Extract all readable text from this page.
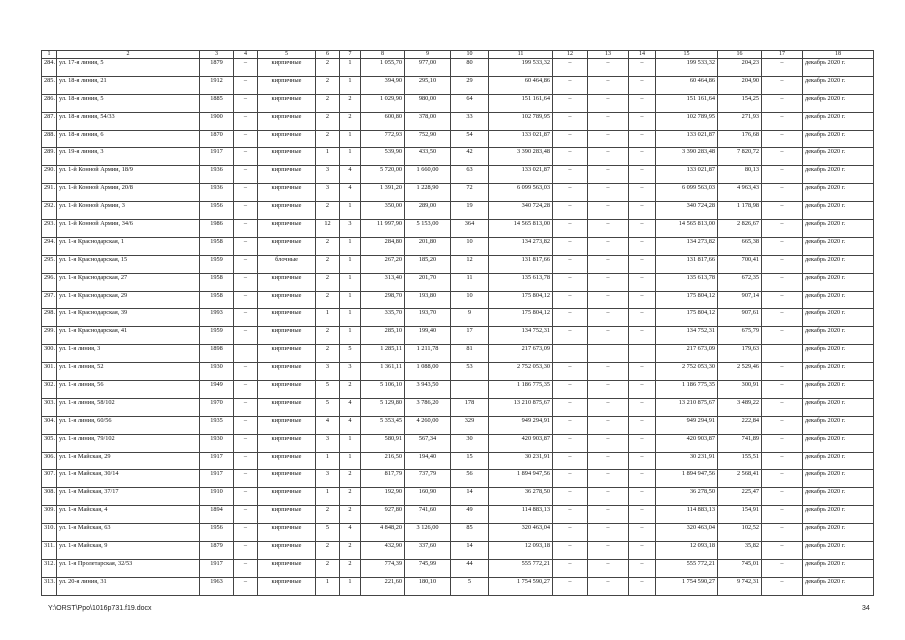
1	2	3	4	5	6	7	8	9	10	11	12	13	14	15	16	17	18
284.	ул. 17-я линия, 5	1879	–	кирпичные	2	1	1 055,70	977,00	80	199 533,32	–	–	–	199 533,32	204,23	–	декабрь 2020 г.
285.	ул. 18-я линия, 21	1912	–	кирпичные	2	1	394,90	295,10	29	60 464,86	–	–	–	60 464,86	204,90	–	декабрь 2020 г.
286.	ул. 18-я линия, 5	1885	–	кирпичные	2	2	1 029,90	980,00	64	151 161,64	–	–	–	151 161,64	154,25	–	декабрь 2020 г.
287.	ул. 18-я линия, 54/33	1900	–	кирпичные	2	2	600,80	378,00	33	102 789,95	–	–	–	102 789,95	271,93	–	декабрь 2020 г.
288.	ул. 18-я линия, 6	1870	–	кирпичные	2	1	772,93	752,90	54	133 021,87	–	–	–	133 021,87	176,68	–	декабрь 2020 г.
289.	ул. 19-я линия, 3	1917	–	кирпичные	1	1	539,90	433,50	42	3 390 283,48	–	–	–	3 390 283,48	7 820,72	–	декабрь 2020 г.
290.	ул. 1-й Конной Армии, 18/9	1936	–	кирпичные	3	4	5 720,00	1 660,00	63	133 021,87	–	–	–	133 021,87	80,13	–	декабрь 2020 г.
291.	ул. 1-й Конной Армии, 20/8	1936	–	кирпичные	3	4	1 391,20	1 228,90	72	6 099 563,03	–	–	–	6 099 563,03	4 963,43	–	декабрь 2020 г.
292.	ул. 1-й Конной Армии, 3	1956	–	кирпичные	2	1	350,00	289,00	19	340 724,28	–	–	–	340 724,28	1 178,98	–	декабрь 2020 г.
293.	ул. 1-й Конной Армии, 34/6	1986	–	кирпичные	12	3	11 997,90	5 153,00	364	14 565 813,00	–	–	–	14 565 813,00	2 826,67	–	декабрь 2020 г.
294.	ул. 1-я Краснодарская, 1	1958	–	кирпичные	2	1	284,80	201,80	10	134 273,82	–	–	–	134 273,82	665,38	–	декабрь 2020 г.
295.	ул. 1-я Краснодарская, 15	1959	–	блочные	2	1	267,20	185,20	12	131 817,66	–	–	–	131 817,66	700,41	–	декабрь 2020 г.
296.	ул. 1-я Краснодарская, 27	1958	–	кирпичные	2	1	313,40	201,70	11	135 613,78	–	–	–	135 613,78	672,35	–	декабрь 2020 г.
297.	ул. 1-я Краснодарская, 29	1958	–	кирпичные	2	1	298,70	193,80	10	175 804,12	–	–	–	175 804,12	907,14	–	декабрь 2020 г.
298.	ул. 1-я Краснодарская, 39	1993	–	кирпичные	1	1	335,70	193,70	9	175 804,12	–	–	–	175 804,12	907,61	–	декабрь 2020 г.
299.	ул. 1-я Краснодарская, 41	1959	–	кирпичные	2	1	285,10	199,40	17	134 752,31	–	–	–	134 752,31	675,79	–	декабрь 2020 г.
300.	ул. 1-я линия, 3	1898		кирпичные	2	5	1 285,11	1 211,78	81	217 673,09				217 673,09	179,63		декабрь 2020 г.
301.	ул. 1-я линия, 52	1930	–	кирпичные	3	3	1 361,11	1 088,00	53	2 752 053,30	–	–	–	2 752 053,30	2 529,46	–	декабрь 2020 г.
302.	ул. 1-я линия, 56	1949	–	кирпичные	5	2	5 106,10	3 943,50		1 186 775,35	–	–	–	1 186 775,35	300,91	–	декабрь 2020 г.
303.	ул. 1-я линия, 58/102	1970	–	кирпичные	5	4	5 129,80	3 786,20	178	13 210 875,67	–	–	–	13 210 875,67	3 489,22	–	декабрь 2020 г.
304.	ул. 1-я линия, 60/56	1935	–	кирпичные	4	4	5 353,45	4 260,00	329	949 294,91	–	–	–	949 294,91	222,84	–	декабрь 2020 г.
305.	ул. 1-я линия, 79/102	1930	–	кирпичные	3	1	580,91	567,34	30	420 903,87	–	–	–	420 903,87	741,89	–	декабрь 2020 г.
306.	ул. 1-я Майская, 29	1917	–	кирпичные	1	1	216,50	194,40	15	30 231,91	–	–	–	30 231,91	155,51	–	декабрь 2020 г.
307.	ул. 1-я Майская, 30/14	1917	–	кирпичные	3	2	817,79	737,79	56	1 894 947,56	–	–	–	1 894 947,56	2 568,41	–	декабрь 2020 г.
308.	ул. 1-я Майская, 37/17	1910	–	кирпичные	1	2	192,90	160,90	14	36 278,50	–	–	–	36 278,50	225,47	–	декабрь 2020 г.
309.	ул. 1-я Майская, 4	1894	–	кирпичные	2	2	927,80	741,60	49	114 883,13	–	–	–	114 883,13	154,91	–	декабрь 2020 г.
310.	ул. 1-я Майская, 63	1956	–	кирпичные	5	4	4 848,20	3 126,00	85	320 463,04	–	–	–	320 463,04	102,52	–	декабрь 2020 г.
311.	ул. 1-я Майская, 9	1879	–	кирпичные	2	2	432,90	337,60	14	12 093,18	–	–	–	12 093,18	35,82	–	декабрь 2020 г.
312.	ул. 1-я Пролетарская, 32/53	1917	–	кирпичные	2	2	774,39	745,99	44	555 772,21	–	–	–	555 772,21	745,01	–	декабрь 2020 г.
313.	ул. 20-я линия, 31	1963	–	кирпичные	1	1	221,60	180,10	5	1 754 590,27	–	–	–	1 754 590,27	9 742,31	–	декабрь 2020 г.
Y:\ORST\Ppo\1016p731.f19.docx	34
